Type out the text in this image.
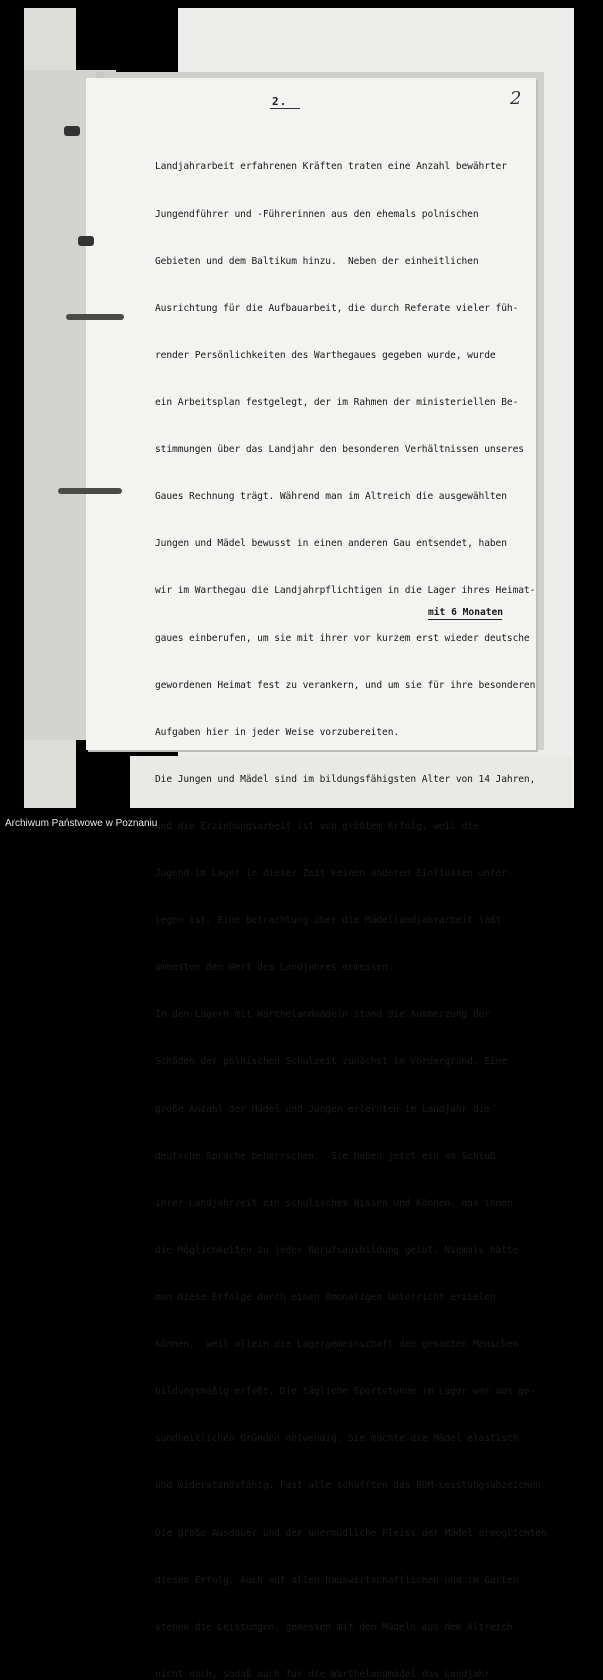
2.	2

Landjahrarbeit erfahrenen Kräften traten eine Anzahl bewährter

Jungendführer und -Führerinnen aus den ehemals polnischen

Gebieten und dem Baltikum hinzu.  Neben der einheitlichen

Ausrichtung für die Aufbauarbeit, die durch Referate vieler füh-

render Persönlichkeiten des Warthegaues gegeben wurde, wurde

ein Arbeitsplan festgelegt, der im Rahmen der ministeriellen Be-

stimmungen über das Landjahr den besonderen Verhältnissen unseres

Gaues Rechnung trägt. Während man im Altreich die ausgewählten

Jungen und Mädel bewusst in einen anderen Gau entsendet, haben

wir im Warthegau die Landjahrpflichtigen in die Lager ihres Heimat-

gaues einberufen, um sie mit ihrer vor kurzem erst wieder deutsche

gewordenen Heimat fest zu verankern, und um sie für ihre besonderen

Aufgaben hier in jeder Weise vorzubereiten.

Die Jungen und Mädel sind im bildungsfähigsten Alter von 14 Jahren,

und die Erziehungsarbeit ist von größtem Erfolg, weil die

Jugend im Lager in dieser Zeit keinen anderen Einflüssen unter-

legen ist. Eine Betrachtung über die Mädellandjahrarbeit läßt

ambesten den Wert des Landjahres ermessen.

In den Lagern mit Warthelandmädeln stand die Ausmerzung der

Schäden der polnischen Schulzeit zunächst im Vordergrund. Eine

große Anzahl der Mädel und Jungen erlernten im Landjahr die

deutsche Sprache beherrschen.  Sie haben jetzt ein am Schluß

ihrer Landjahrzeit ein schulisches Wissen und Können, das ihnen

die Möglichkeiten zu jeder Berufsausbildung geibt. Niemals hätte

man diese Erfolge durch einen 8monatigen Unterricht erzielen

können,  weil allein die Lagergemeinschaft den gesamten Menschen

bildungsmäßig erfaßt. Die tägliche Sportstunde im Lager war aus ge-

sundheitlichen Gründen notwendig. Sie machte die Mädel elastisch

und widerstandsfähig. Fast alle schafften das BDM-Leistungsabzeichen.

Die große Ausdauer und der unermüdliche Fleiss der Mädel ermöglichten

diesen Erfolg. Auch auf allen hauswirtschaftlichen und im Garten

stehen die Leistungen, gemessen mit den Mädeln aus dem Altreich

nicht nach, sodaß auch für die Warthelandmädel das Landjahr

mit 6 Monaten
Archiwum Państwowe w Poznaniu
